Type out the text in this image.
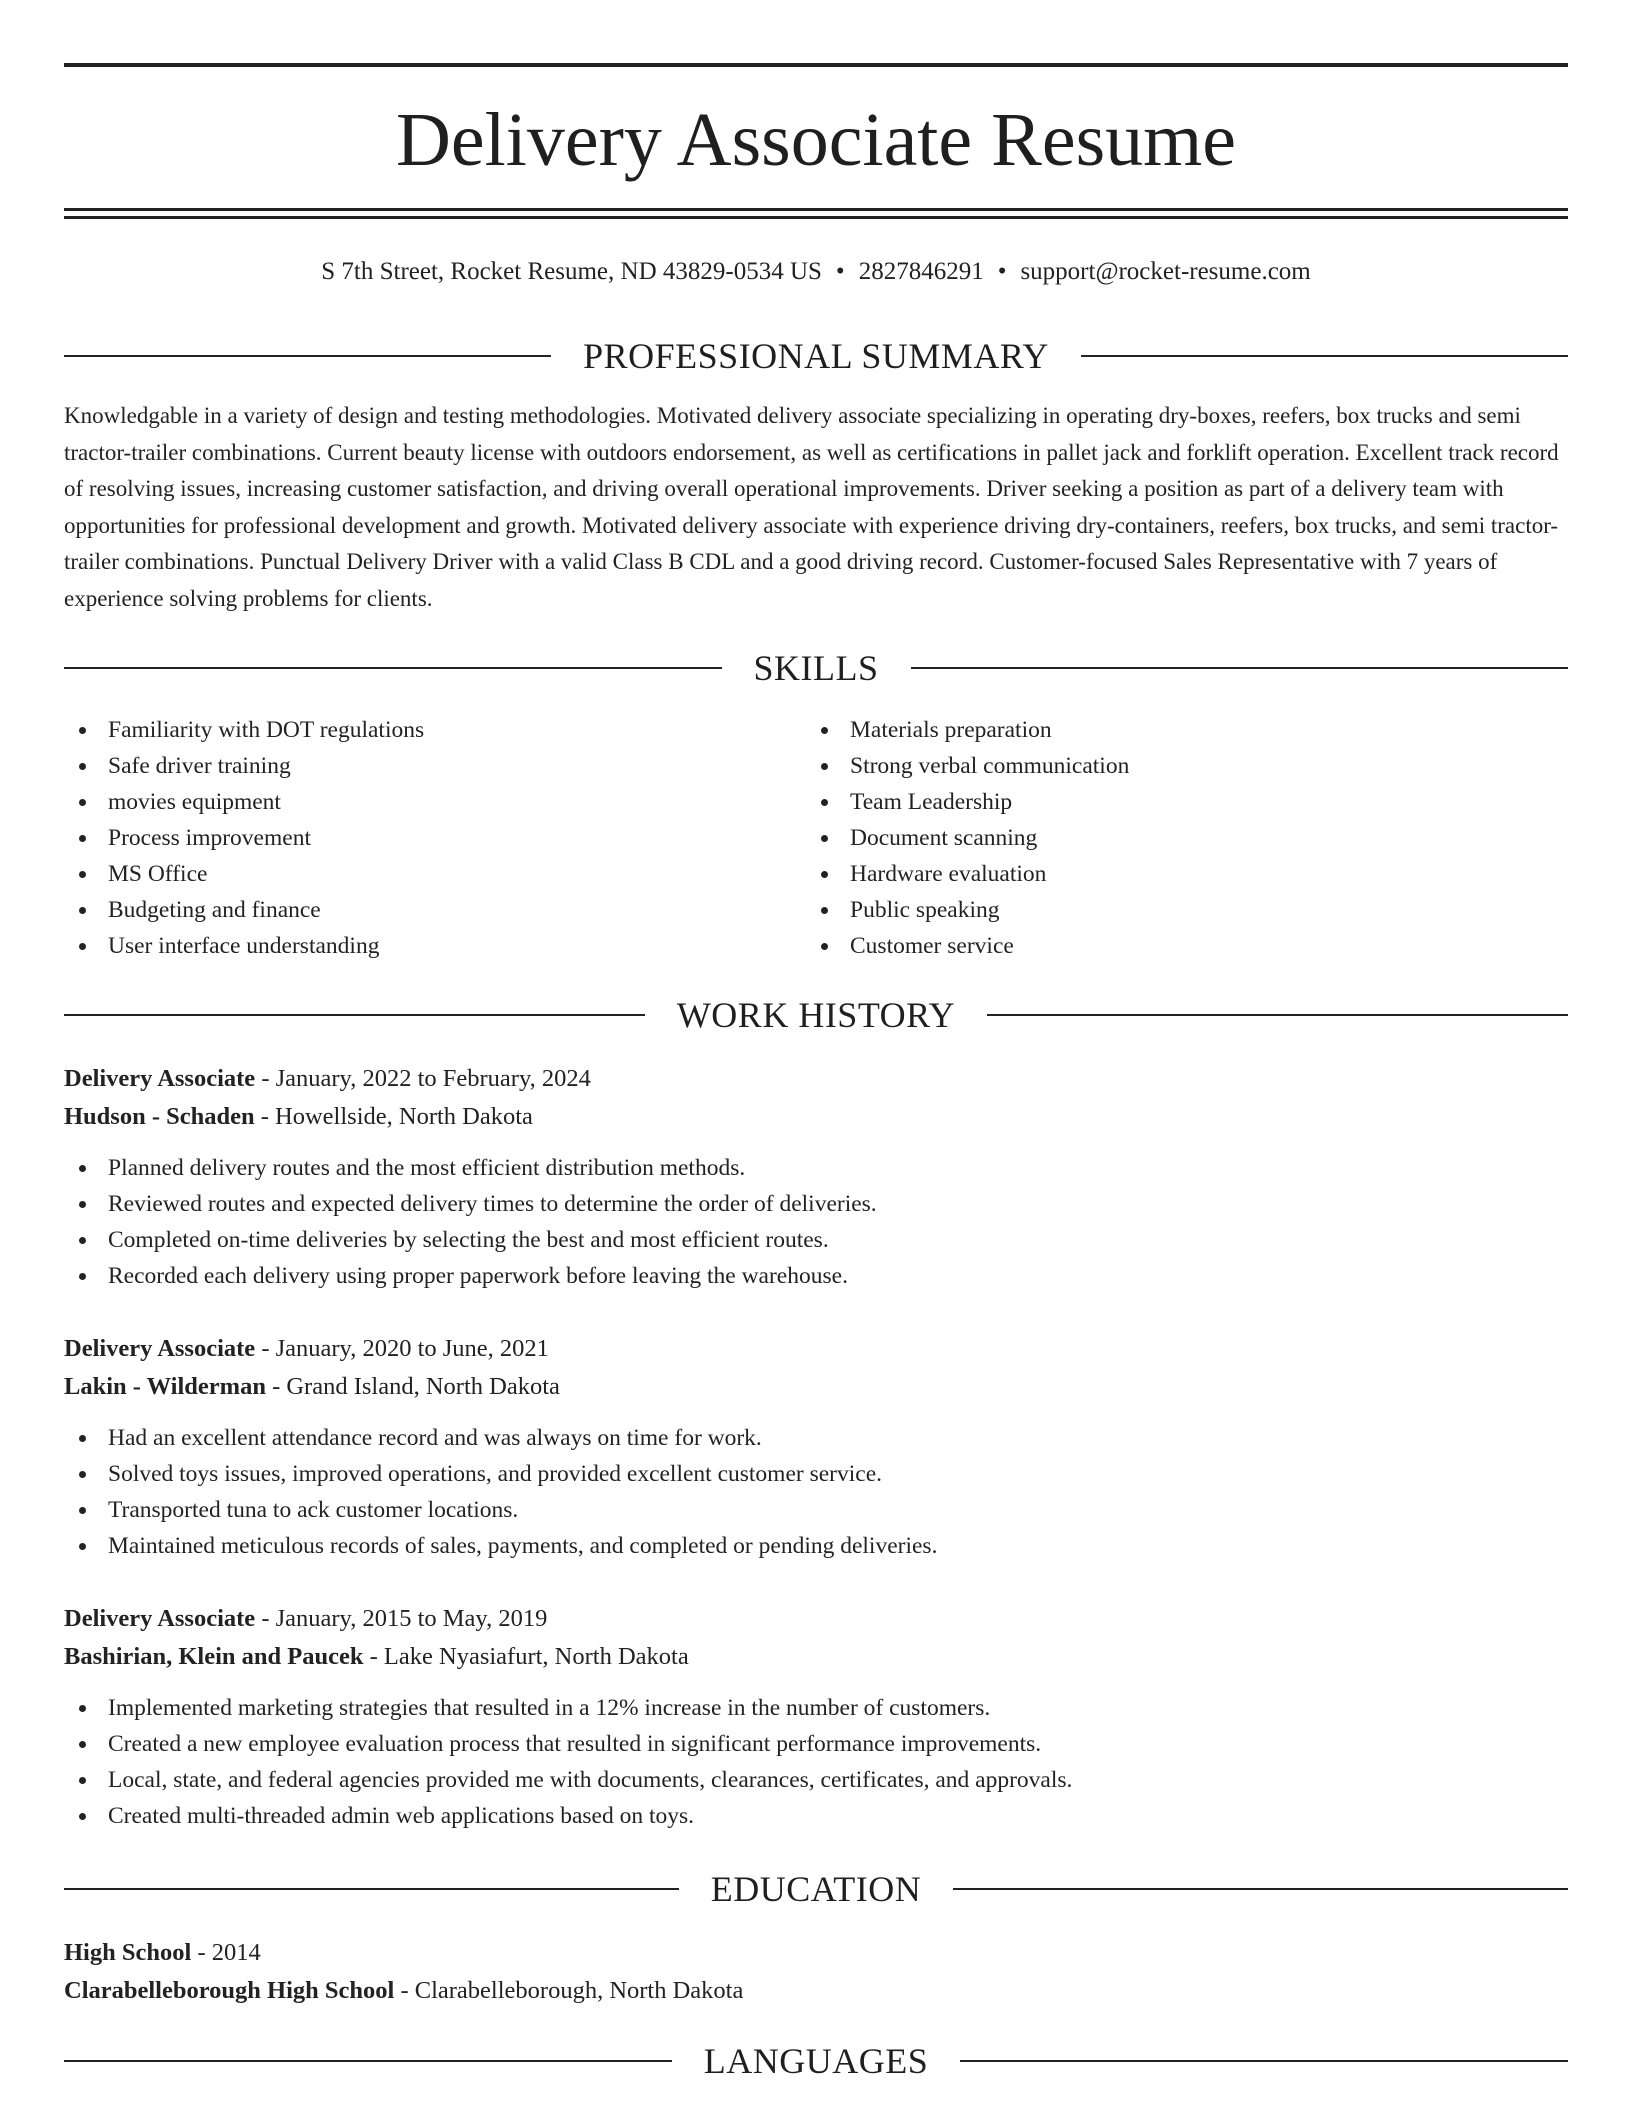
Delivery Associate Resume
S 7th Street, Rocket Resume, ND 43829-0534 US • 2827846291 • support@rocket-resume.com
PROFESSIONAL SUMMARY

Knowledgable in a variety of design and testing methodologies. Motivated delivery associate specializing in operating dry-boxes, reefers, box trucks and semi tractor-trailer combinations. Current beauty license with outdoors endorsement, as well as certifications in pallet jack and forklift operation. Excellent track record of resolving issues, increasing customer satisfaction, and driving overall operational improvements. Driver seeking a position as part of a delivery team with opportunities for professional development and growth. Motivated delivery associate with experience driving dry-containers, reefers, box trucks, and semi tractor-trailer combinations. Punctual Delivery Driver with a valid Class B CDL and a good driving record. Customer-focused Sales Representative with 7 years of experience solving problems for clients.

SKILLS
Familiarity with DOT regulations
Safe driver training
movies equipment
Process improvement
MS Office
Budgeting and finance
User interface understanding
Materials preparation
Strong verbal communication
Team Leadership
Document scanning
Hardware evaluation
Public speaking
Customer service
WORK HISTORY
Delivery Associate - January, 2022 to February, 2024
Hudson - Schaden - Howellside, North Dakota
Planned delivery routes and the most efficient distribution methods.
Reviewed routes and expected delivery times to determine the order of deliveries.
Completed on-time deliveries by selecting the best and most efficient routes.
Recorded each delivery using proper paperwork before leaving the warehouse.
Delivery Associate - January, 2020 to June, 2021
Lakin - Wilderman - Grand Island, North Dakota
Had an excellent attendance record and was always on time for work.
Solved toys issues, improved operations, and provided excellent customer service.
Transported tuna to ack customer locations.
Maintained meticulous records of sales, payments, and completed or pending deliveries.
Delivery Associate - January, 2015 to May, 2019
Bashirian, Klein and Paucek - Lake Nyasiafurt, North Dakota
Implemented marketing strategies that resulted in a 12% increase in the number of customers.
Created a new employee evaluation process that resulted in significant performance improvements.
Local, state, and federal agencies provided me with documents, clearances, certificates, and approvals.
Created multi-threaded admin web applications based on toys.
EDUCATION
High School - 2014
Clarabelleborough High School - Clarabelleborough, North Dakota
LANGUAGES
